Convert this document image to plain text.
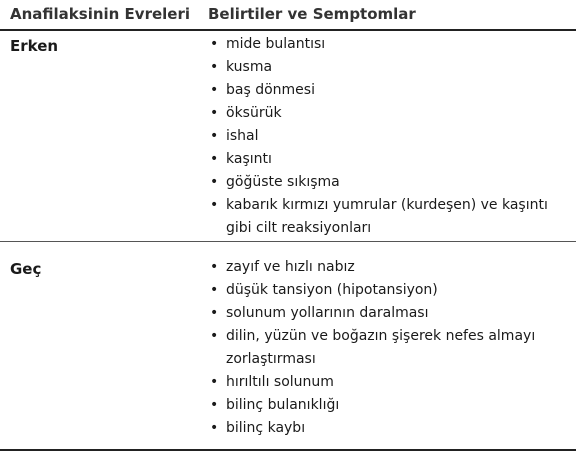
Anafilaksinin Evreleri Belirtiler ve Semptomlar
Erken	• mide bulantısı
• kusma
• baş dönmesi
• öksürük
• ishal
• kaşıntı
• göğüste sıkışma
• kabarık kırmızı yumrular (kurdeşen) ve kaşıntı gibi cilt reaksiyonları
Geç	• zayıf ve hızlı nabız
• düşük tansiyon (hipotansiyon)
• solunum yollarının daralması
• dilin, yüzün ve boğazın şişerek nefes almayı zorlaştırması
• hırıltılı solunum
• bilinç bulanıklığı
• bilinç kaybı
